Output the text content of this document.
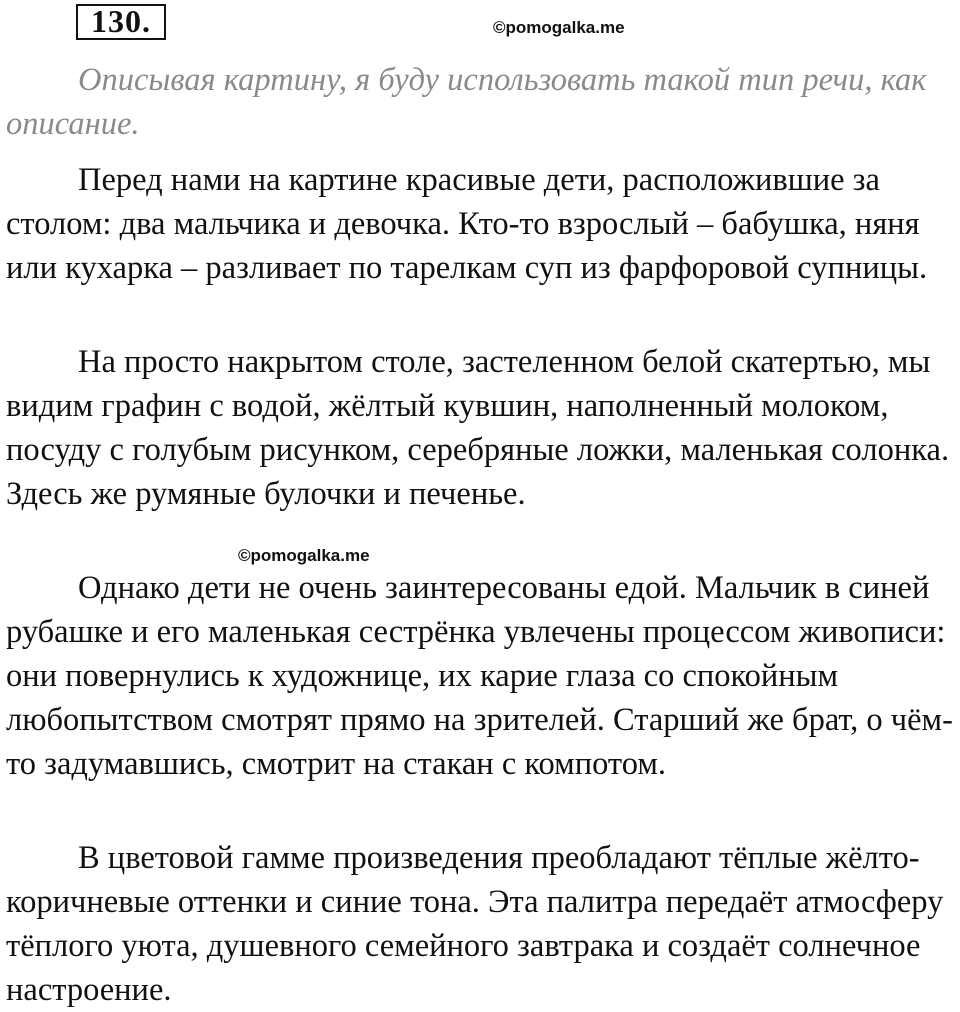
130.	©pomogalka.me

Описывая картину, я буду использовать такой тип речи, как описание.

Перед нами на картине красивые дети, расположившие за столом: два мальчика и девочка. Кто-то взрослый – бабушка, няня или кухарка – разливает по тарелкам суп из фарфоровой супницы.

На просто накрытом столе, застеленном белой скатертью, мы видим графин с водой, жёлтый кувшин, наполненный молоком, посуду с голубым рисунком, серебряные ложки, маленькая солонка. Здесь же румяные булочки и печенье.

Однако дети не очень заинтересованы едой. Мальчик в синей рубашке и его маленькая сестрёнка увлечены процессом живописи: они повернулись к художнице, их карие глаза со спокойным любопытством смотрят прямо на зрителей. Старший же брат, о чём-то задумавшись, смотрит на стакан с компотом.

В цветовой гамме произведения преобладают тёплые жёлто-коричневые оттенки и синие тона. Эта палитра передаёт атмосферу тёплого уюта, душевного семейного завтрака и создаёт солнечное настроение.

©pomogalka.me
